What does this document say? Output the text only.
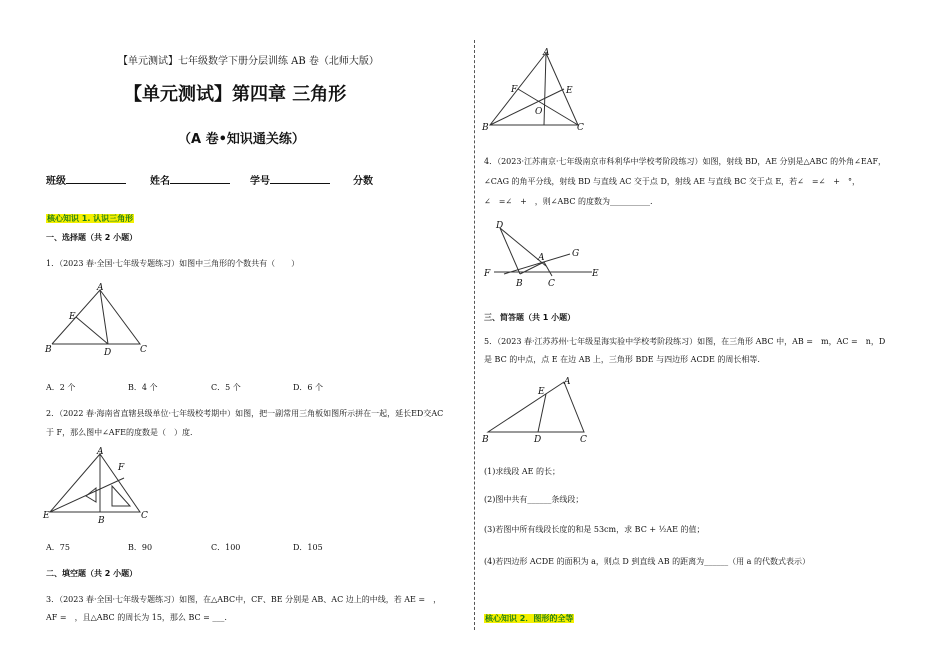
【单元测试】七年级数学下册分层训练 AB 卷（北师大版）
【单元测试】第四章 三角形
（A 卷•知识通关练）
班级	姓名	学号	分数
核心知识 1. 认识三角形
一、选择题（共 2 小题）
1．（2023 春·全国·七年级专题练习）如图中三角形的个数共有（　　）
A
E
B	D	C
A．2 个	B．4 个	C．5 个	D．6 个
2．（2022 春·海南省直辖县级单位·七年级校考期中）如图，把一副常用三角板如图所示拼在一起，延长ED交AC
于 F，那么图中∠AFE的度数是（　）度．
A
F
E	B	C
A．75	B．90	C．100	D．105
二、填空题（共 2 小题）
3．（2023 春·全国·七年级专题练习）如图，在△ABC中，CF、BE 分别是 AB、AC 边上的中线，若 AE =　，
AF =　，且△ABC 的周长为 15，那么 BC = ___.
A
F	E
O
B	C
4．（2023·江苏南京·七年级南京市科利华中学校考阶段练习）如图，射线 BD，AE 分别是△ABC 的外角∠EAF，
∠CAG 的角平分线，射线 BD 与直线 AC 交于点 D，射线 AE 与直线 BC 交于点 E，若∠　=∠　+　°，
∠　=∠　+　，则∠ABC 的度数为__________.
D
G
A
F
B	C
E
三、简答题（共 1 小题）
5．（2023 春·江苏苏州·七年级星海实验中学校考阶段练习）如图，在三角形 ABC 中，AB =　m，AC =　n，D
是 BC 的中点，点 E 在边 AB 上，三角形 BDE 与四边形 ACDE 的周长相等.
A
E
B	D	C
(1)求线段 AE 的长；
(2)图中共有______条线段；
(3)若图中所有线段长度的和是 53cm，求 BC + ½AE 的值；
(4)若四边形 ACDE 的面积为 a，则点 D 到直线 AB 的距离为______（用 a 的代数式表示）
核心知识 2．图形的全等
